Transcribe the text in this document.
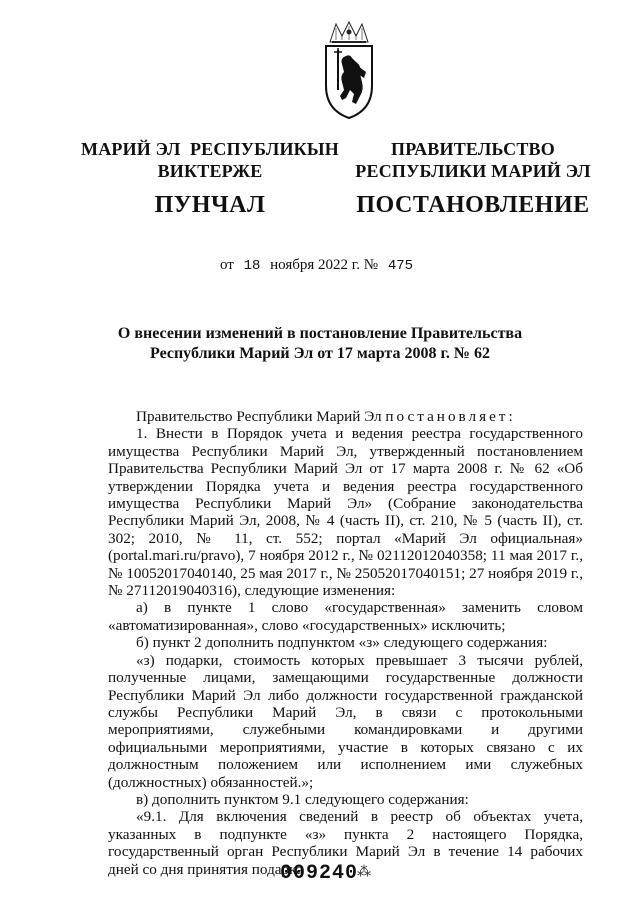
МАРИЙ ЭЛ  РЕСПУБЛИКЫН
ВИКТЕРЖЕ
ПУНЧАЛ
ПРАВИТЕЛЬСТВО
РЕСПУБЛИКИ МАРИЙ ЭЛ
ПОСТАНОВЛЕНИЕ
от 18 ноября 2022 г. № 475
О внесении изменений в постановление Правительства
Республики Марий Эл от 17 марта 2008 г. № 62

Правительство Республики Марий Эл постановляет:

1. Внести в Порядок учета и ведения реестра государственного имущества Республики Марий Эл, утвержденный постановлением Правительства Республики Марий Эл от 17 марта 2008 г. № 62 «Об утверждении Порядка учета и ведения реестра государственного имущества Республики Марий Эл» (Собрание законодательства Республики Марий Эл, 2008, № 4 (часть II), ст. 210, № 5 (часть II), ст. 302; 2010, № 11, ст. 552; портал «Марий Эл официальная» (portal.mari.ru/pravo), 7 ноября 2012 г., № 02112012040358; 11 мая 2017 г., № 10052017040140, 25 мая 2017 г., № 25052017040151; 27 ноября 2019 г., № 27112019040316), следующие изменения:

а) в пункте 1 слово «государственная» заменить словом «автоматизированная», слово «государственных» исключить;

б) пункт 2 дополнить подпунктом «з» следующего содержания:

«з) подарки, стоимость которых превышает 3 тысячи рублей, полученные лицами, замещающими государственные должности Республики Марий Эл либо должности государственной гражданской службы Республики Марий Эл, в связи с протокольными мероприятиями, служебными командировками и другими официальными мероприятиями, участие в которых связано с их должностным положением или исполнением ими служебных (должностных) обязанностей.»;

в) дополнить пунктом 9.1 следующего содержания:

«9.1. Для включения сведений в реестр об объектах учета, указанных в подпункте «з» пункта 2 настоящего Порядка, государственный орган Республики Марий Эл в течение 14 рабочих дней со дня принятия подарка

009240
⁂
